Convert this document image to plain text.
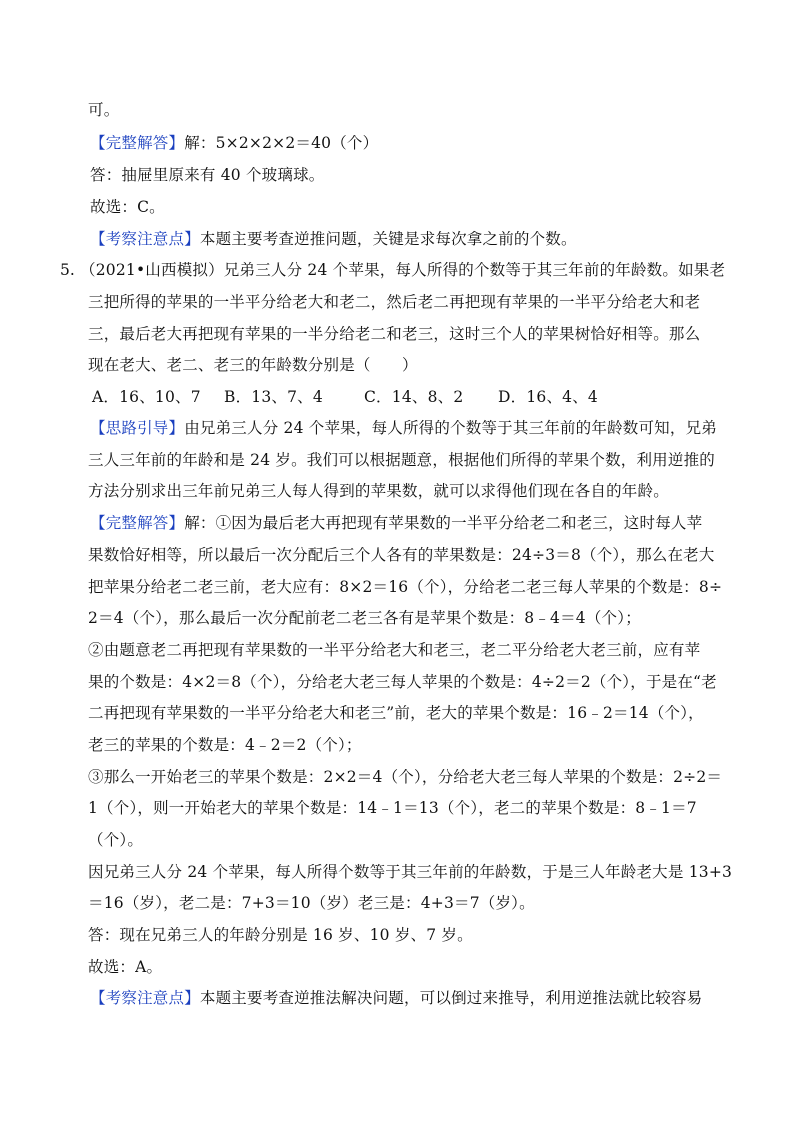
可。
【完整解答】解：5×2×2×2＝40（个）
答：抽屉里原来有 40 个玻璃球。
故选：C。
【考察注意点】本题主要考查逆推问题，关键是求每次拿之前的个数。
5. （2021•山西模拟）兄弟三人分 24 个苹果，每人所得的个数等于其三年前的年龄数。如果老
三把所得的苹果的一半平分给老大和老二，然后老二再把现有苹果的一半平分给老大和老
三，最后老大再把现有苹果的一半分给老二和老三，这时三个人的苹果树恰好相等。那么
现在老大、老二、老三的年龄数分别是（　　）
A．16、10、7	B．13、7、4	C．14、8、2	D．16、4、4
【思路引导】由兄弟三人分 24 个苹果，每人所得的个数等于其三年前的年龄数可知，兄弟
三人三年前的年龄和是 24 岁。我们可以根据题意，根据他们所得的苹果个数，利用逆推的
方法分别求出三年前兄弟三人每人得到的苹果数，就可以求得他们现在各自的年龄。
【完整解答】解：①因为最后老大再把现有苹果数的一半平分给老二和老三，这时每人苹
果数恰好相等，所以最后一次分配后三个人各有的苹果数是：24÷3＝8（个），那么在老大
把苹果分给老二老三前，老大应有：8×2＝16（个），分给老二老三每人苹果的个数是：8÷
2＝4（个），那么最后一次分配前老二老三各有是苹果个数是：8﹣4＝4（个）；
②由题意老二再把现有苹果数的一半平分给老大和老三，老二平分给老大老三前，应有苹
果的个数是：4×2＝8（个），分给老大老三每人苹果的个数是：4÷2＝2（个），于是在“老
二再把现有苹果数的一半平分给老大和老三”前，老大的苹果个数是：16﹣2＝14（个），
老三的苹果的个数是：4﹣2＝2（个）；
③那么一开始老三的苹果个数是：2×2＝4（个），分给老大老三每人苹果的个数是：2÷2＝
1（个），则一开始老大的苹果个数是：14﹣1＝13（个），老二的苹果个数是：8﹣1＝7
（个）。
因兄弟三人分 24 个苹果，每人所得个数等于其三年前的年龄数，于是三人年龄老大是 13+3
＝16（岁），老二是：7+3＝10（岁）老三是：4+3＝7（岁）。
答：现在兄弟三人的年龄分别是 16 岁、10 岁、7 岁。
故选：A。
【考察注意点】本题主要考查逆推法解决问题，可以倒过来推导，利用逆推法就比较容易
